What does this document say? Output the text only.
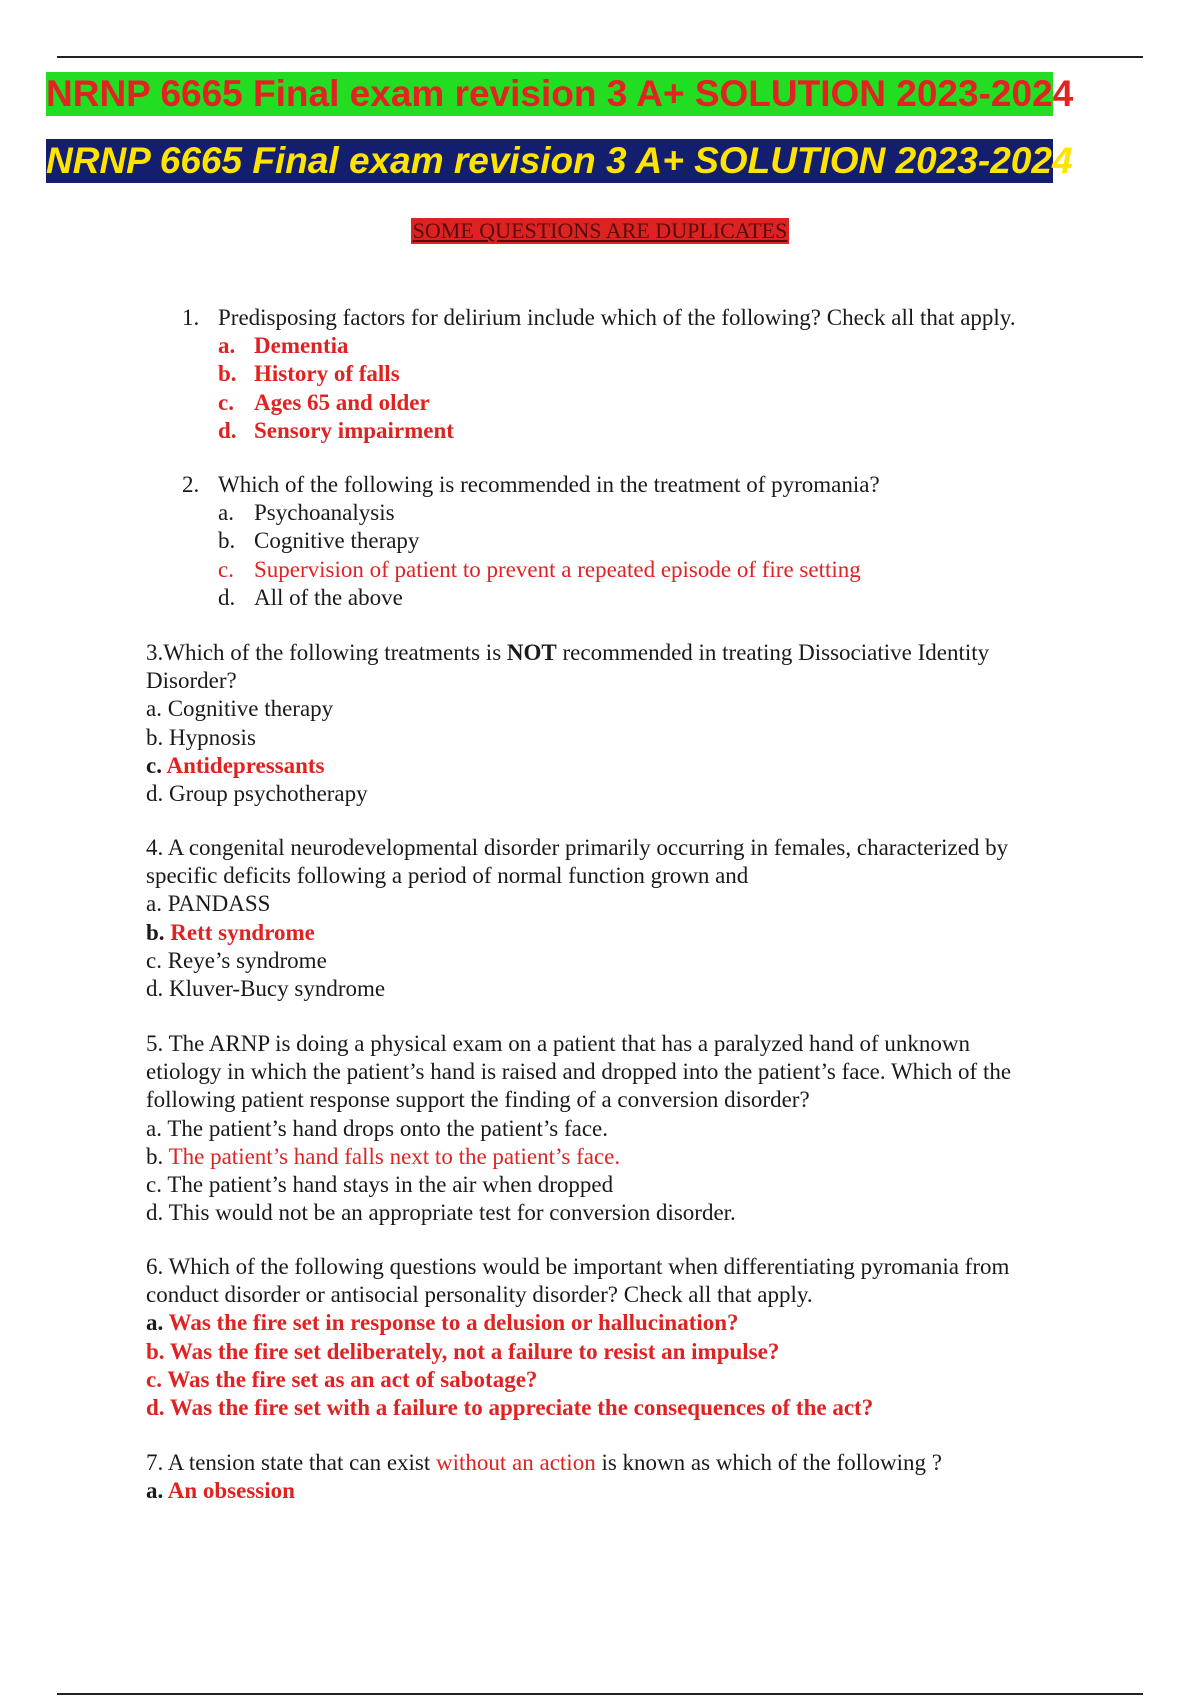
NRNP 6665 Final exam revision 3 A+ SOLUTION 2023-2024
NRNP 6665 Final exam revision 3 A+ SOLUTION 2023-2024
SOME QUESTIONS ARE DUPLICATES
1. Predisposing factors for delirium include which of the following? Check all that apply.
a. Dementia
b. History of falls
c. Ages 65 and older
d. Sensory impairment
2. Which of the following is recommended in the treatment of pyromania?
a. Psychoanalysis
b. Cognitive therapy
c. Supervision of patient to prevent a repeated episode of fire setting
d. All of the above
3.Which of the following treatments is NOT recommended in treating Dissociative Identity
Disorder?
a. Cognitive therapy
b. Hypnosis
c. Antidepressants
d. Group psychotherapy
4. A congenital neurodevelopmental disorder primarily occurring in females, characterized by
specific deficits following a period of normal function grown and
a. PANDASS
b. Rett syndrome
c. Reye’s syndrome
d. Kluver-Bucy syndrome
5. The ARNP is doing a physical exam on a patient that has a paralyzed hand of unknown
etiology in which the patient’s hand is raised and dropped into the patient’s face. Which of the
following patient response support the finding of a conversion disorder?
a. The patient’s hand drops onto the patient’s face.
b. The patient’s hand falls next to the patient’s face.
c. The patient’s hand stays in the air when dropped
d. This would not be an appropriate test for conversion disorder.
6. Which of the following questions would be important when differentiating pyromania from
conduct disorder or antisocial personality disorder? Check all that apply.
a. Was the fire set in response to a delusion or hallucination?
b. Was the fire set deliberately, not a failure to resist an impulse?
c. Was the fire set as an act of sabotage?
d. Was the fire set with a failure to appreciate the consequences of the act?
7. A tension state that can exist without an action is known as which of the following ?
a. An obsession
